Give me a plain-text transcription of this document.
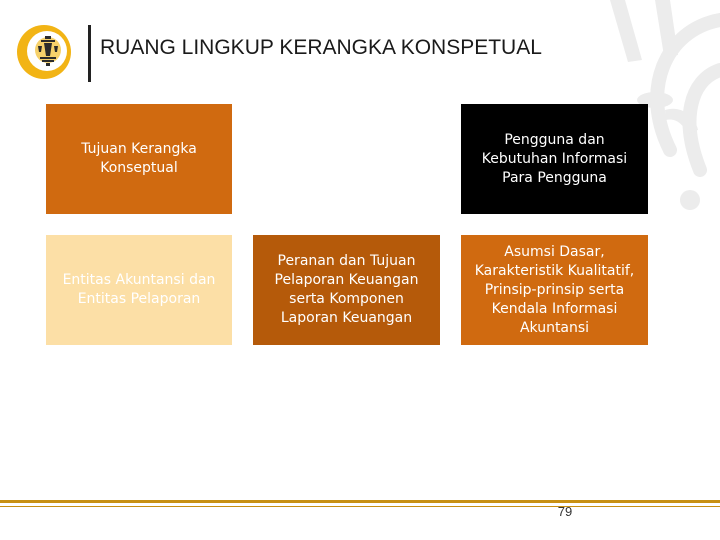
RUANG LINGKUP KERANGKA KONSPETUAL
Tujuan Kerangka Konseptual
Pengguna dan Kebutuhan Informasi Para Pengguna
Entitas Akuntansi dan Entitas Pelaporan
Peranan dan Tujuan Pelaporan Keuangan serta Komponen Laporan Keuangan
Asumsi Dasar, Karakteristik Kualitatif, Prinsip-prinsip serta Kendala Informasi Akuntansi
79
